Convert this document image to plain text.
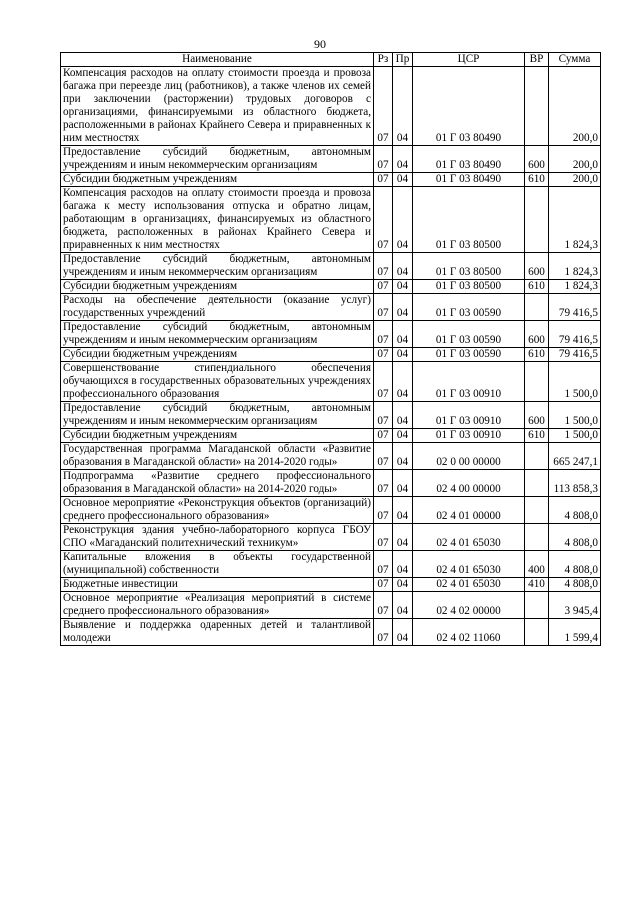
90
Наименование	Рз	Пр	ЦСР	ВР	Сумма
Компенсация расходов на оплату стоимости проезда и провоза багажа при переезде лиц (работников), а также членов их семей при заключении (расторжении) трудовых договоров с организациями, финансируемыми из областного бюджета, расположенными в районах Крайнего Севера и приравненных к ним местностях	07	04	01 Г 03 80490		200,0
Предоставление субсидий бюджетным, автономным учреждениям и иным некоммерческим организациям	07	04	01 Г 03 80490	600	200,0
Субсидии бюджетным учреждениям	07	04	01 Г 03 80490	610	200,0
Компенсация расходов на оплату стоимости проезда и провоза багажа к месту использования отпуска и обратно лицам, работающим в организациях, финансируемых из областного бюджета, расположенных в районах Крайнего Севера и приравненных к ним местностях	07	04	01 Г 03 80500		1 824,3
Предоставление субсидий бюджетным, автономным учреждениям и иным некоммерческим организациям	07	04	01 Г 03 80500	600	1 824,3
Субсидии бюджетным учреждениям	07	04	01 Г 03 80500	610	1 824,3
Расходы на обеспечение деятельности (оказание услуг) государственных учреждений	07	04	01 Г 03 00590		79 416,5
Предоставление субсидий бюджетным, автономным учреждениям и иным некоммерческим организациям	07	04	01 Г 03 00590	600	79 416,5
Субсидии бюджетным учреждениям	07	04	01 Г 03 00590	610	79 416,5
Совершенствование стипендиального обеспечения обучающихся в государственных образовательных учреждениях профессионального образования	07	04	01 Г 03 00910		1 500,0
Предоставление субсидий бюджетным, автономным учреждениям и иным некоммерческим организациям	07	04	01 Г 03 00910	600	1 500,0
Субсидии бюджетным учреждениям	07	04	01 Г 03 00910	610	1 500,0
Государственная программа Магаданской области «Развитие образования в Магаданской области» на 2014-2020 годы»	07	04	02 0 00 00000		665 247,1
Подпрограмма «Развитие среднего профессионального образования в Магаданской области» на 2014-2020 годы»	07	04	02 4 00 00000		113 858,3
Основное мероприятие «Реконструкция объектов (организаций) среднего профессионального образования»	07	04	02 4 01 00000		4 808,0
Реконструкция здания учебно-лабораторного корпуса ГБОУ СПО «Магаданский политехнический техникум»	07	04	02 4 01 65030		4 808,0
Капитальные вложения в объекты государственной (муниципальной) собственности	07	04	02 4 01 65030	400	4 808,0
Бюджетные инвестиции	07	04	02 4 01 65030	410	4 808,0
Основное мероприятие «Реализация мероприятий в системе среднего профессионального образования»	07	04	02 4 02 00000		3 945,4
Выявление и поддержка одаренных детей и талантливой молодежи	07	04	02 4 02 11060		1 599,4
